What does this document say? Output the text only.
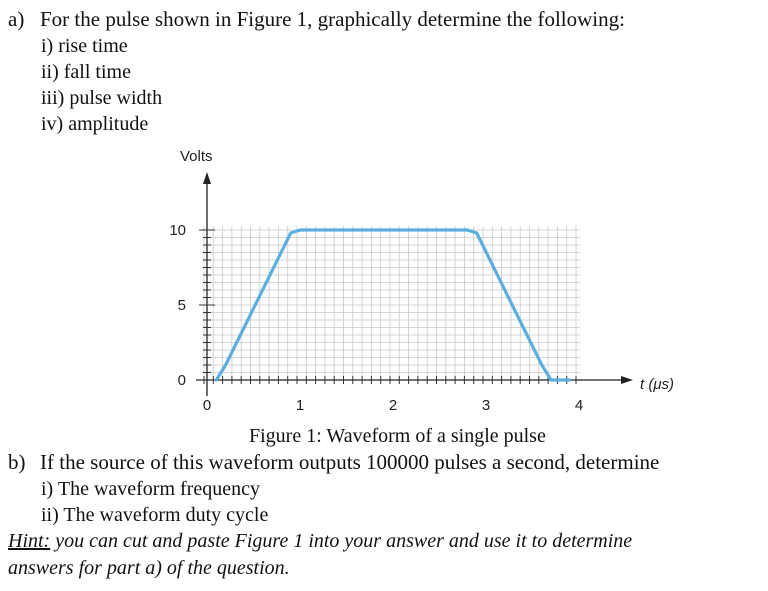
a) For the pulse shown in Figure 1, graphically determine the following:
i) rise time
ii) fall time
iii) pulse width
iv) amplitude
Volts
t (μs)
0
5
10
0	1	2	3	4
Figure 1: Waveform of a single pulse
b) If the source of this waveform outputs 100000 pulses a second, determine
i) The waveform frequency
ii) The waveform duty cycle
Hint: you can cut and paste Figure 1 into your answer and use it to determine
answers for part a) of the question.
